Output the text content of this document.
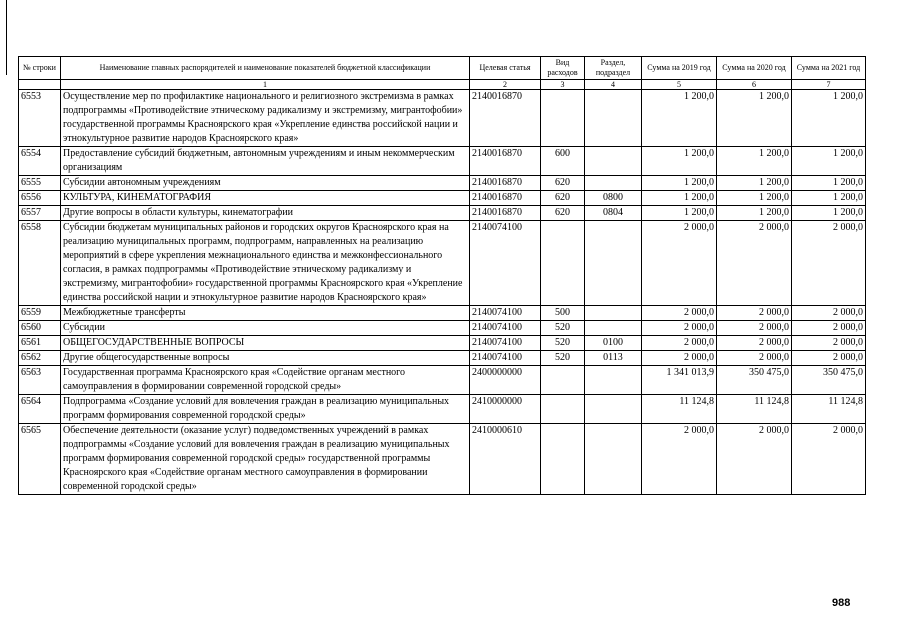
№ строки	Наименование главных распорядителей и наименование показателей бюджетной классификации	Целевая статья	Вид расходов	Раздел, подраздел	Сумма на 2019 год	Сумма на 2020 год	Сумма на 2021 год
	1	2	3	4	5	6	7
6553	Осуществление мер по профилактике национального и религиозного экстремизма в рамках подпрограммы «Противодействие этническому радикализму и экстремизму, мигрантофобии» государственной программы Красноярского края «Укрепление единства российской нации и этнокультурное развитие народов Красноярского края»	2140016870			1 200,0	1 200,0	1 200,0
6554	Предоставление субсидий бюджетным, автономным учреждениям и иным некоммерческим организациям	2140016870	600		1 200,0	1 200,0	1 200,0
6555	Субсидии автономным учреждениям	2140016870	620		1 200,0	1 200,0	1 200,0
6556	КУЛЬТУРА, КИНЕМАТОГРАФИЯ	2140016870	620	0800	1 200,0	1 200,0	1 200,0
6557	Другие вопросы в области культуры, кинематографии	2140016870	620	0804	1 200,0	1 200,0	1 200,0
6558	Субсидии бюджетам муниципальных районов и городских округов Красноярского края на реализацию муниципальных программ, подпрограмм, направленных на реализацию мероприятий в сфере укрепления межнационального единства и межконфессионального согласия, в рамках подпрограммы «Противодействие этническому радикализму и экстремизму, мигрантофобии» государственной программы Красноярского края «Укрепление единства российской нации и этнокультурное развитие народов Красноярского края»	2140074100			2 000,0	2 000,0	2 000,0
6559	Межбюджетные трансферты	2140074100	500		2 000,0	2 000,0	2 000,0
6560	Субсидии	2140074100	520		2 000,0	2 000,0	2 000,0
6561	ОБЩЕГОСУДАРСТВЕННЫЕ ВОПРОСЫ	2140074100	520	0100	2 000,0	2 000,0	2 000,0
6562	Другие общегосударственные вопросы	2140074100	520	0113	2 000,0	2 000,0	2 000,0
6563	Государственная программа Красноярского края «Содействие органам местного самоуправления в формировании современной городской среды»	2400000000			1 341 013,9	350 475,0	350 475,0
6564	Подпрограмма «Создание условий для вовлечения граждан в реализацию муниципальных программ формирования современной городской среды»	2410000000			11 124,8	11 124,8	11 124,8
6565	Обеспечение деятельности (оказание услуг) подведомственных учреждений в рамках подпрограммы «Создание условий для вовлечения граждан в реализацию муниципальных программ формирования современной городской среды» государственной программы Красноярского края «Содействие органам местного самоуправления в формировании современной городской среды»	2410000610			2 000,0	2 000,0	2 000,0
988
